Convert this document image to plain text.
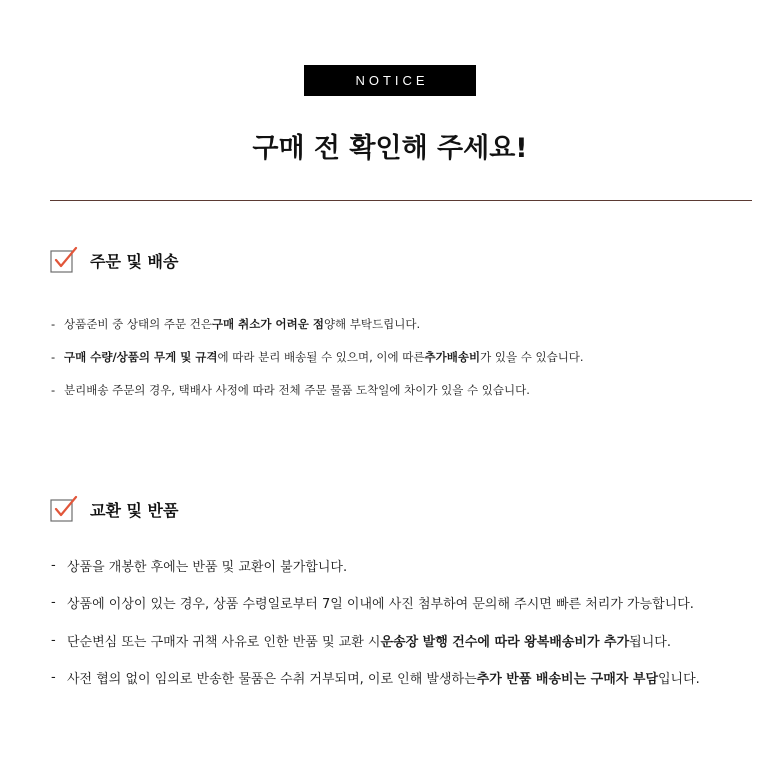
NOTICE
구매 전 확인해 주세요!
주문 및 배송
- 상품준비 중 상태의 주문 건은 구매 취소가 어려운 점 양해 부탁드립니다.
- 구매 수량/상품의 무게 및 규격 에 따라 분리 배송될 수 있으며, 이에 따른 추가배송비 가 있을 수 있습니다.
- 분리배송 주문의 경우, 택배사 사정에 따라 전체 주문 물품 도착일에 차이가 있을 수 있습니다.
교환 및 반품
- 상품을 개봉한 후에는 반품 및 교환이 불가합니다.
- 상품에 이상이 있는 경우, 상품 수령일로부터 7일 이내에 사진 첨부하여 문의해 주시면 빠른 처리가 가능합니다.
- 단순변심 또는 구매자 귀책 사유로 인한 반품 및 교환 시 운송장 발행 건수에 따라 왕복배송비가 추가 됩니다.
- 사전 협의 없이 임의로 반송한 물품은 수취 거부되며, 이로 인해 발생하는 추가 반품 배송비는 구매자 부담 입니다.
